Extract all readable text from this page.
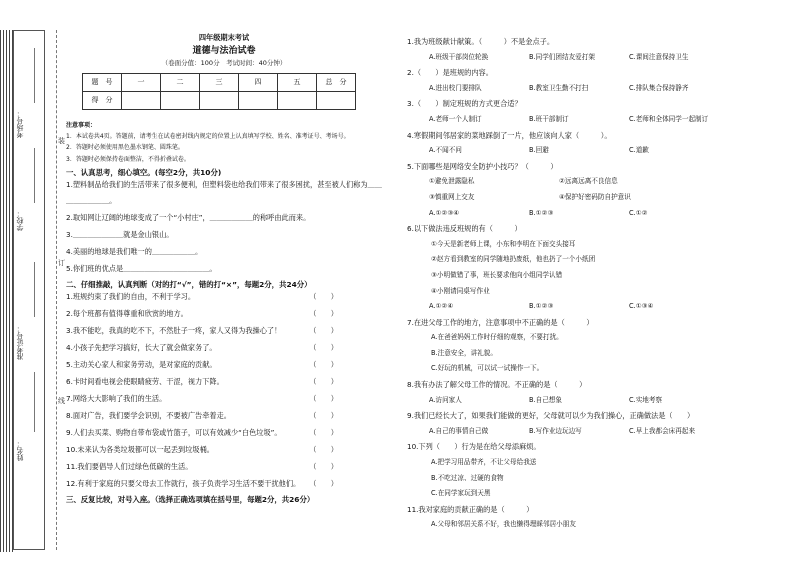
考场号：
学校：
准考证号：
姓名：
装
订
线
四年级期末考试
道德与法治试卷
（卷面分值：100分　考试时间：40分钟）
题　号	一	二	三	四	五	总　分
得　分						
注意事项：
1．本试卷共4页。答题前，请考生在试卷密封线内规定的位置上认真填写学校、姓名、准考证号、考场号。
2．答题时必须使用黑色墨水钢笔、圆珠笔。
3．答题时必须保持卷面整洁，不得折叠试卷。
一、认真思考，细心填空。(每空2分，共10分)
1.塑料制品给我们的生活带来了很多便利，但塑料袋也给我们带来了很多困扰，甚至被人们称为＿＿＿＿＿＿＿＿。
2.取知网让辽阔的地球变成了一个“小村庄”，＿＿＿＿＿＿的称呼由此而来。
3.＿＿＿＿＿＿＿就是金山银山。
4.美丽的地球是我们唯一的＿＿＿＿＿＿。
5.你们班的优点是＿＿＿＿＿＿＿＿＿＿＿＿。
二、仔细推敲，认真判断（对的打“√”，错的打“×”，每题2分，共24分）
1.班规约束了我们的自由，不利于学习。	（　　）
2.每个班都有值得尊重和欣赏的地方。	（　　）
3.我不能吃，我真的吃不下，不然肚子一疼，家人又得为我操心了！	（　　）
4.小孩子先把学习搞好，长大了就会做家务了。	（　　）
5.主动关心家人和家务劳动，是对家庭的贡献。	（　　）
6.卡时间看电视会使眼睛疲劳、干涩，视力下降。	（　　）
7.网络大大影响了我们的生活。	（　　）
8.面对广告，我们要学会识别，不要被广告牵着走。	（　　）
9.人们去买菜、购物自带布袋或竹篮子，可以有效减少“白色垃圾”。	（　　）
10.未来认为各类垃圾都可以一起丢到垃圾桶。	（　　）
11.我们要倡导人们过绿色低碳的生活。	（　　）
12.有利于家庭的只要父母去工作就行，孩子负责学习生活不要干扰他们。 （　　）
三、反复比较，对号入座。（选择正确选项填在括号里，每题2分，共26分）
1.我为班级献计献策。（　　　）不是金点子。
A.班级干部岗位轮换	B.同学们团结友爱打架	C.课间注意保持卫生
2.（　　）是班规的内容。
A.进出校门要排队	B.教室卫生勤不打扫	C.排队集合保持静齐
3.（　　）制定班规的方式更合适？
A.老师一个人制订	B.班干部制订	C.老师和全体同学一起制订
4.寒假期间邻居家的菜地踩倒了一片，他应该向人家（　　　）。
A.不闻不问	B.回避	C.道歉
5.下面哪些是网络安全防护小技巧？（　　　）
①避免泄露隐私	②远离远离不良信息
③慎重网上交友	④保护好密码防自护意识
A.①②③④	B.①②③	C.①②
6.以下做法违反班规的有（　　　）
①今天是新老师上课，小东和李明在下面交头接耳
②赵方看到教室的同学随地扔废纸，他也扔了一个小纸团
③小明做错了事，班长要求他向小组同学认错
④小刚请同桌写作业
A.①②④	B.①②③	C.①③④
7.在进父母工作的地方，注意事项中不正确的是（　　　）
A.在爸爸妈妈工作时仔细的观察，不要打扰。
B.注意安全，讲礼貌。
C.好玩的机械，可以试一试操作一下。
8.我有办法了解父母工作的情况。不正确的是（　　　）
A.访问家人	B.自己想象	C.实地考察
9.我们已经长大了，如果我们能做的更好，父母就可以少为我们操心，正确做法是（　　）
A.自己的事情自己做	B.写作业边玩边写	C.早上我都会床再起来
10.下列（　　）行为是在给父母添麻烦。
A.把学习用品带齐，不让父母给我送
B.不吃过凉、过硬的食物
C.在同学家玩到天黑
11.我对家庭的贡献正确的是（　　　）
A.父母和邻居关系不好，我也懒得理睬邻居小朋友
